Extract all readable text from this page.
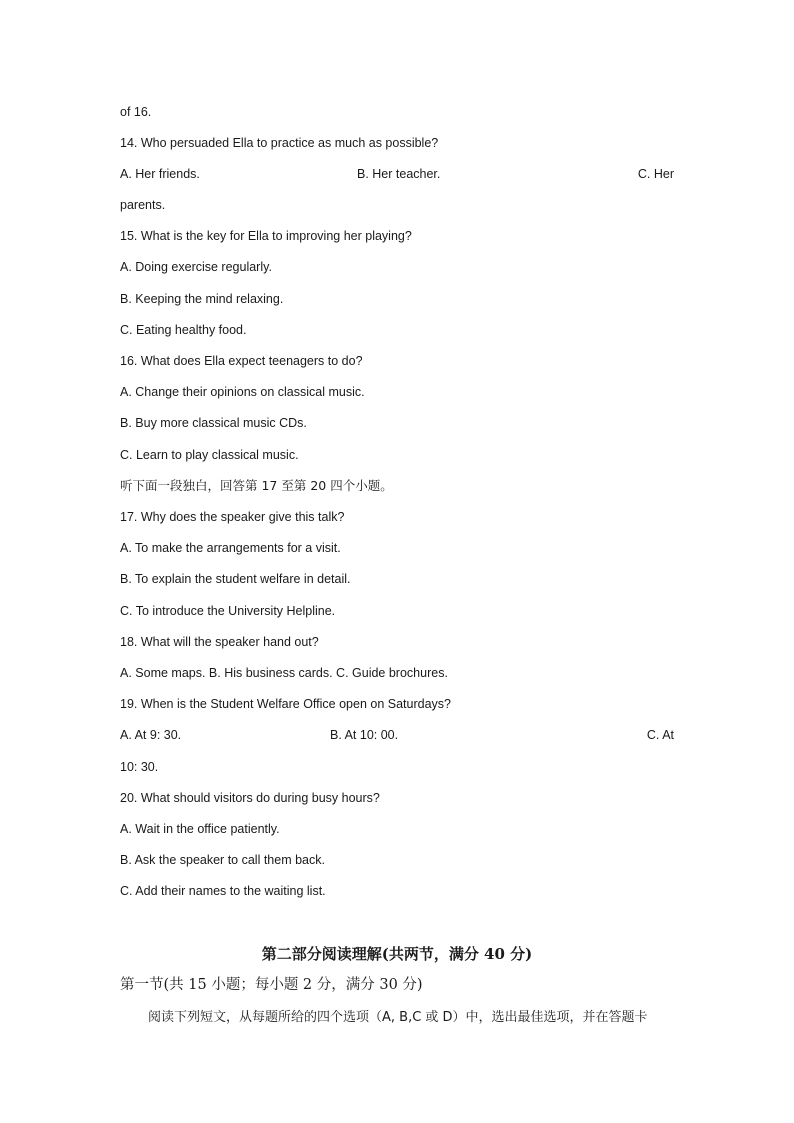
of 16.
14. Who persuaded Ella to practice as much as possible?
A. Her friends.	B. Her teacher.	C. Her
parents.
15. What is the key for Ella to improving her playing?
A. Doing exercise regularly.
B. Keeping the mind relaxing.
C. Eating healthy food.
16. What does Ella expect teenagers to do?
A. Change their opinions on classical music.
B. Buy more classical music CDs.
C. Learn to play classical music.
听下面一段独白，回答第 17 至第 20 四个小题。
17. Why does the speaker give this talk?
A. To make the arrangements for a visit.
B. To explain the student welfare in detail.
C. To introduce the University Helpline.
18. What will the speaker hand out?
A. Some maps. B. His business cards. C. Guide brochures.
19. When is the Student Welfare Office open on Saturdays?
A. At 9: 30.	B. At 10: 00.	C. At
10: 30.
20. What should visitors do during busy hours?
A. Wait in the office patiently.
B. Ask the speaker to call them back.
C. Add their names to the waiting list.
第二部分阅读理解(共两节，满分 40 分)
第一节(共 15 小题；每小题 2 分，满分 30 分)
阅读下列短文，从每题所给的四个选项（A, B,C 或 D）中，选出最佳选项，并在答题卡
